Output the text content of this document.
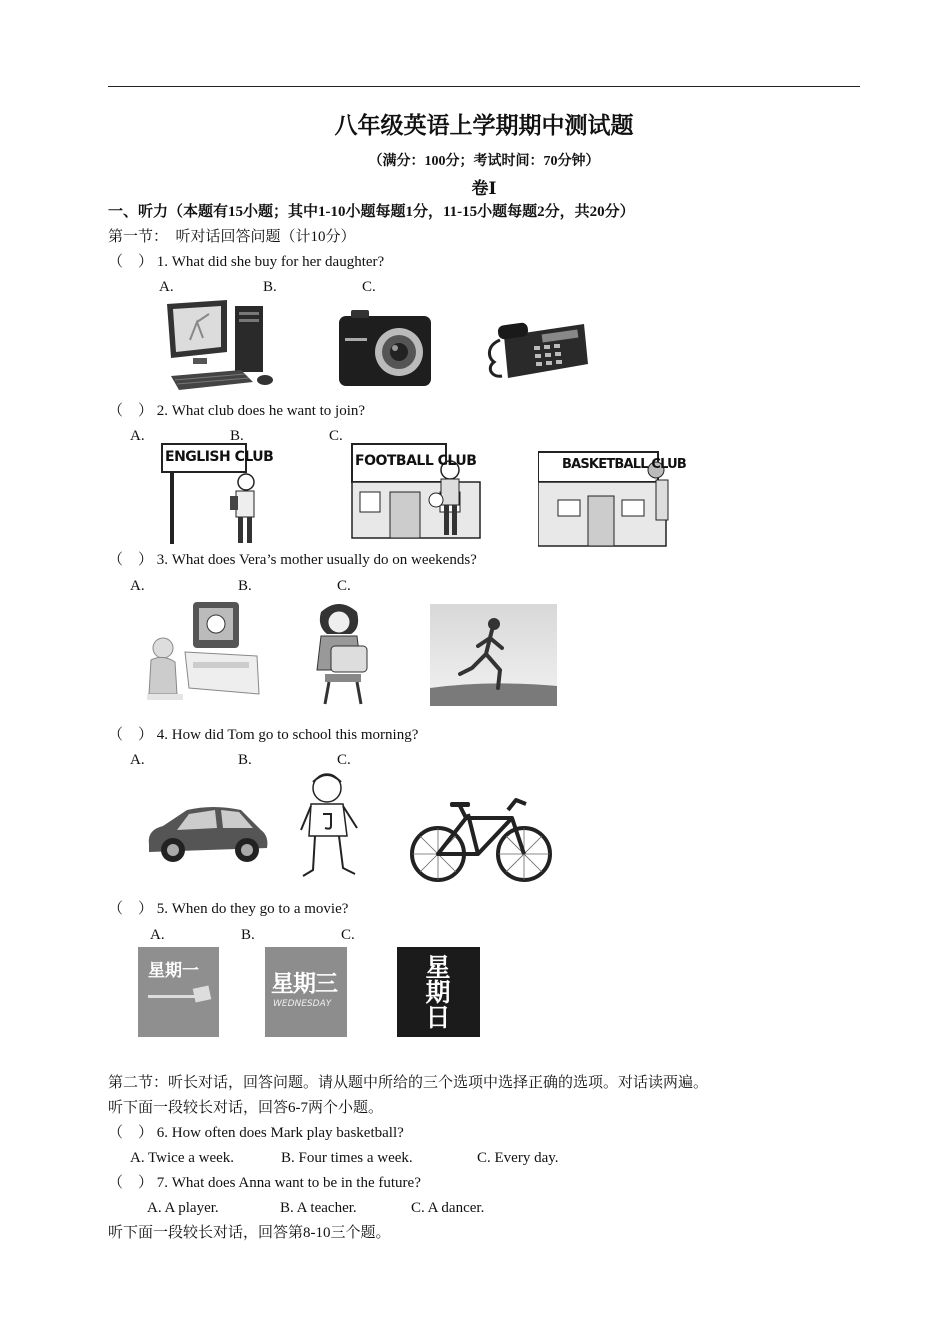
八年级英语上学期期中测试题
（满分：100分；考试时间：70分钟）
卷Ⅰ
一、听力（本题有15小题；其中1-10小题每题1分，11-15小题每题2分，共20分）
第一节：　听对话回答问题（计10分）
（　） 1. What did she buy for her daughter?
A.	B.	C.
（　） 2. What club does he want to join?
A.	B.	C.
ENGLISH CLUB	FOOTBALL CLUB	BASKETBALL CLUB
（　） 3. What does Vera’s mother usually do on weekends?
A.	B.	C.
（　） 4. How did Tom go to school this morning?
A.	B.	C.
（　） 5. When do they go to a movie?
A.	B.	C.
星期一	星期三
WEDNESDAY
星期日
第二节：听长对话，回答问题。请从题中所给的三个选项中选择正确的选项。对话读两遍。
听下面一段较长对话，回答6-7两个小题。
（　） 6. How often does Mark play basketball?
A. Twice a week.	B. Four times a week.	C. Every day.
（　） 7. What does Anna want to be in the future?
A. A player.	B. A teacher.	C. A dancer.
听下面一段较长对话，回答第8-10三个题。
